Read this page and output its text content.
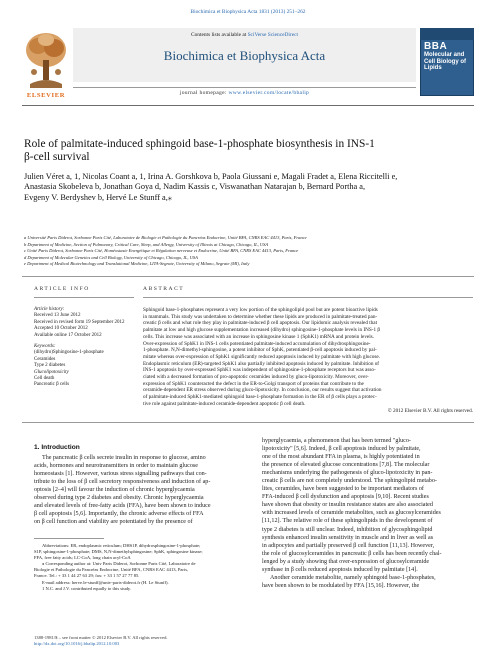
Biochimica et Biophysica Acta 1831 (2013) 251–262
ELSEVIER
Contents lists available at SciVerse ScienceDirect
Biochimica et Biophysica Acta
BBA
Molecular and Cell Biology of Lipids
journal homepage: www.elsevier.com/locate/bbalip
Role of palmitate-induced sphingoid base-1-phosphate biosynthesis in INS-1
β-cell survival
Julien Véret a, 1, Nicolas Coant a, 1, Irina A. Gorshkova b, Paola Giussani e, Magali Fradet a, Elena Riccitelli e,
Anastasia Skobeleva b, Jonathan Goya d, Nadim Kassis c, Viswanathan Natarajan b, Bernard Portha a,
Evgeny V. Berdyshev b, Hervé Le Stunff a,⁎
a Université Paris Diderot, Sorbonne Paris Cité, Laboratoire de Biologie et Pathologie du Pancréas Endocrine, Unité BFA, CNRS EAC 4413, Paris, France
b Department of Medicine, Section of Pulmonary, Critical Care, Sleep, and Allergy, University of Illinois at Chicago, Chicago, IL, USA
c Unité Paris Diderot, Sorbonne Paris Cité, Homéostasie Energétique et Régulation nerveuse et Endocrine, Unité BFA, CNRS EAC 4413, Paris, France
d Department of Molecular Genetics and Cell Biology, University of Chicago, Chicago, IL, USA
e Department of Medical Biotechnology and Translational Medicine, LITA-Segrate, University of Milano, Segrate (MI), Italy
ARTICLE INFO	ABSTRACT
Article history:
Received 13 June 2012
Received in revised form 19 September 2012
Accepted 10 October 2012
Available online 17 October 2012
Keywords:
(dihydro)Sphingosine-1-phosphate
Ceramides
Type 2 diabetes
Glucolipotoxicity
Cell death
Pancreatic β cells
Sphingoid base-1-phosphates represent a very low portion of the sphingolipid pool but are potent bioactive lipids
in mammals. This study was undertaken to determine whether these lipids are produced in palmitate-treated pan-
creatic β cells and what role they play in palmitate-induced β cell apoptosis. Our lipidomic analysis revealed that
palmitate at low and high glucose supplementation increased (dihydro) sphingosine-1-phosphate levels in INS-1 β
cells. This increase was associated with an increase in sphingosine kinase 1 (SphK1) mRNA and protein levels.
Over-expression of SphK1 in INS-1 cells potentiated palmitate-induced accumulation of dihydrosphingosine-
1-phosphate. N,N-dimethyl-sphingosine, a potent inhibitor of SphK, potentiated β-cell apoptosis induced by pal-
mitate whereas over-expression of SphK1 significantly reduced apoptosis induced by palmitate with high glucose.
Endoplasmic reticulum (ER)-targeted SphK1 also partially inhibited apoptosis induced by palmitate. Inhibition of
INS-1 apoptosis by over-expressed SphK1 was independent of sphingosine-1-phosphate receptors but was asso-
ciated with a decreased formation of pro-apoptotic ceramides induced by gluco-lipotoxicity. Moreover, over-
expression of SphK1 counteracted the defect in the ER-to-Golgi transport of proteins that contribute to the
ceramide-dependent ER stress observed during gluco-lipotoxicity. In conclusion, our results suggest that activation
of palmitate-induced SphK1-mediated sphingoid base-1-phosphate formation in the ER of β cells plays a protec-
tive role against palmitate-induced ceramide-dependent apoptotic β cell death.
© 2012 Elsevier B.V. All rights reserved.
1. Introduction
The pancreatic β cells secrete insulin in response to glucose, amino
acids, hormones and neurotransmitters in order to maintain glucose
homeostasis [1]. However, various stress signalling pathways that con-
tribute to the loss of β cell secretory responsiveness and induction of ap-
optosis [2–4] will favour the induction of chronic hyperglycaemia
observed during type 2 diabetes and obesity. Chronic hyperglycaemia
and elevated levels of free-fatty acids (FFA), have been shown to induce
β cell apoptosis [5,6]. Importantly, the chronic adverse effects of FFA
on β cell function and viability are potentiated by the presence of
Abbreviations: ER, endoplasmic reticulum; DHS1P, dihydrosphingosine-1-phosphate;
S1P, sphingosine-1-phosphate; DMS, N,N-dimethylsphingosine; SphK, sphingosine kinase;
FFA, free fatty acids; LC-CoA, long chain acyl-CoA
⁎ Corresponding author at: Univ Paris Diderot, Sorbonne Paris Cité, Laboratoire de
Biologie et Pathologie du Pancréas Endocrine, Unité BFA, CNRS EAC 4413, Paris,
France. Tel.: + 33 1 44 27 63 29; fax: + 33 1 57 27 77 85.
E-mail address: herve.le-stunff@univ-paris-diderot.fr (H. Le Stunff).
1 N.C. and J.V. contributed equally to this study.
1388-1981/$ – see front matter © 2012 Elsevier B.V. All rights reserved.
http://dx.doi.org/10.1016/j.bbalip.2012.10.003
hyperglycaemia, a phenomenon that has been termed "gluco-
lipotoxicity" [5,6]. Indeed, β cell apoptosis induced by palmitate,
one of the most abundant FFA in plasma, is highly potentiated in
the presence of elevated glucose concentrations [7,8]. The molecular
mechanisms underlying the pathogenesis of gluco-lipotoxicity in pan-
creatic β cells are not completely understood. The sphingolipid metabo-
lites, ceramides, have been suggested to be important mediators of
FFA-induced β cell dysfunction and apoptosis [9,10]. Recent studies
have shown that obesity or insulin resistance states are also associated
with increased levels of ceramide metabolites, such as glucosylceramides
[11,12]. The relative role of these sphingolipids in the development of
type 2 diabetes is still unclear. Indeed, inhibition of glycosphingolipid
synthesis enhanced insulin sensitivity in muscle and in liver as well as
in adipocytes and partially preserved β cell function [11,13]. However,
the role of glucosylceramides in pancreatic β cells has been recently chal-
lenged by a study showing that over-expression of glucosylceramide
synthase in β cells reduced apoptosis induced by palmitate [14].
Another ceramide metabolite, namely sphingoid base-1-phosphates,
have been shown to be modulated by FFA [15,16]. However, the
